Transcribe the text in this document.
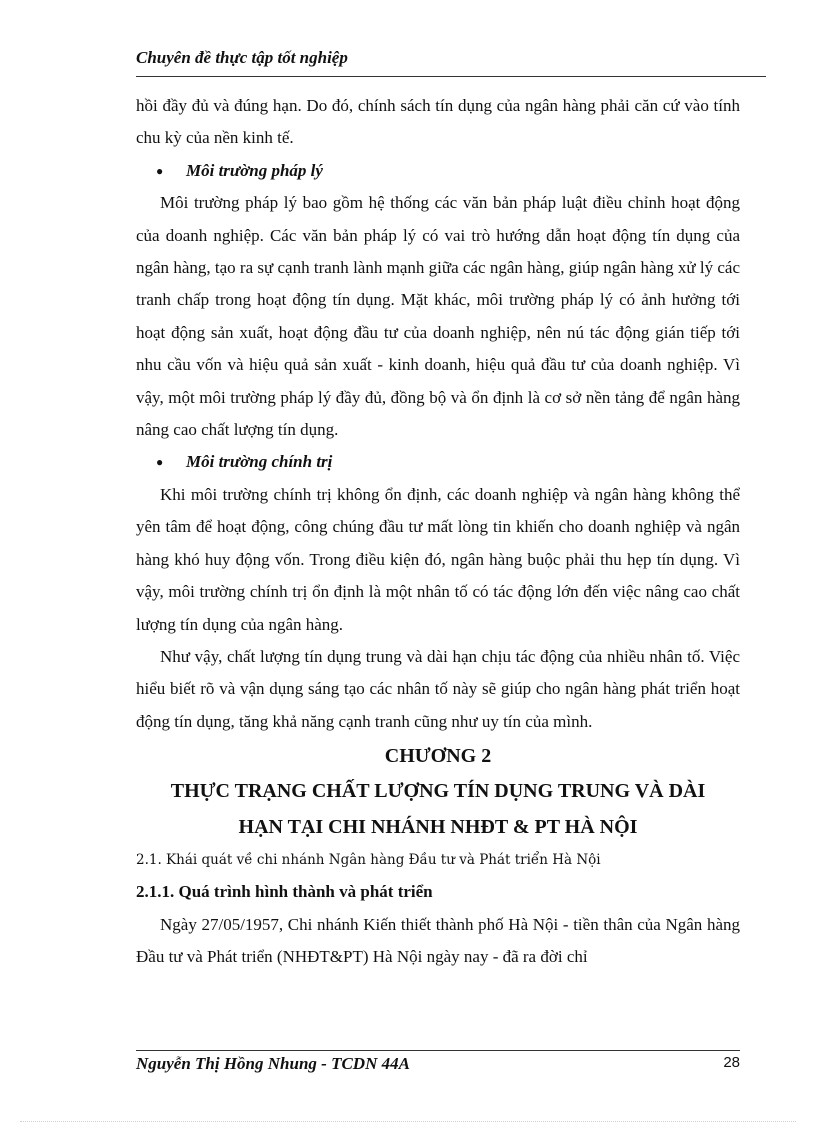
Chuyên đề thực tập tốt nghiệp

hồi đầy đủ và đúng hạn. Do đó, chính sách tín dụng của ngân hàng phải căn cứ vào tính chu kỳ của nền kinh tế.

●	Môi trường pháp lý

Môi trường pháp lý bao gồm hệ thống các văn bản pháp luật điều chỉnh hoạt động của doanh nghiệp. Các văn bản pháp lý có vai trò hướng dẫn hoạt động tín dụng của ngân hàng, tạo ra sự cạnh tranh lành mạnh giữa các ngân hàng, giúp ngân hàng xử lý các tranh chấp trong hoạt động tín dụng. Mặt khác, môi trường pháp lý có ảnh hưởng tới hoạt động sản xuất, hoạt động đầu tư của doanh nghiệp, nên nú tác động gián tiếp tới nhu cầu vốn và hiệu quả sản xuất - kinh doanh, hiệu quả đầu tư của doanh nghiệp. Vì vậy, một môi trường pháp lý đầy đủ, đồng bộ và ổn định là cơ sở nền tảng để ngân hàng nâng cao chất lượng tín dụng.

●	Môi trường chính trị

Khi môi trường chính trị không ổn định, các doanh nghiệp và ngân hàng không thể yên tâm để hoạt động, công chúng đầu tư mất lòng tin khiến cho doanh nghiệp và ngân hàng khó huy động vốn. Trong điều kiện đó, ngân hàng buộc phải thu hẹp tín dụng. Vì vậy, môi trường chính trị ổn định là một nhân tố có tác động lớn đến việc nâng cao chất lượng tín dụng của ngân hàng.

Như vậy, chất lượng tín dụng trung và dài hạn chịu tác động của nhiều nhân tố. Việc hiểu biết rõ và vận dụng sáng tạo các nhân tố này sẽ giúp cho ngân hàng phát triển hoạt động tín dụng, tăng khả năng cạnh tranh cũng như uy tín của mình.

CHƯƠNG 2

THỰC TRẠNG CHẤT LƯỢNG TÍN DỤNG TRUNG VÀ DÀI

HẠN TẠI CHI NHÁNH NHĐT & PT HÀ NỘI

2.1. Khái quát về chi nhánh Ngân hàng Đầu tư và Phát triển Hà Nội

2.1.1. Quá trình hình thành và phát triển

Ngày 27/05/1957, Chi nhánh Kiến thiết thành phố Hà Nội - tiền thân của Ngân hàng Đầu tư và Phát triển (NHĐT&PT) Hà Nội ngày nay - đã ra đời chỉ

Nguyễn Thị Hồng Nhung - TCDN 44A	28
